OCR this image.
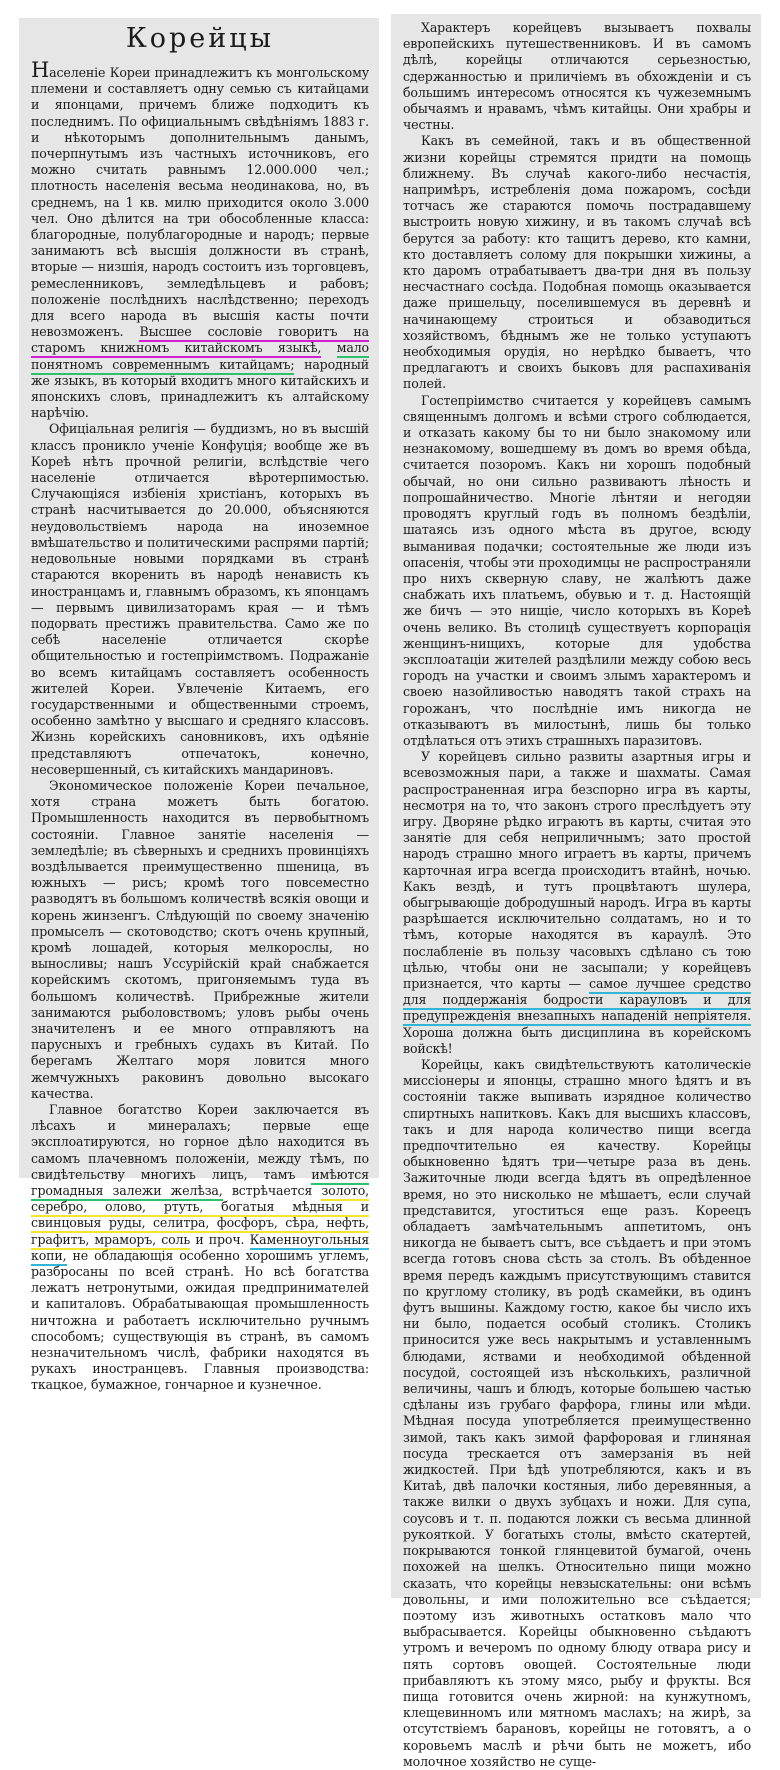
Корейцы

Населеніе Кореи принадлежитъ къ монгольскому племени и составляетъ одну семью съ китайцами и японцами, причемъ ближе подходитъ къ последнимъ. По официальнымъ свѣдѣніямъ 1883 г. и нѣкоторымъ дополнительнымъ данымъ, почерпнутымъ изъ частныхъ источниковъ, его можно считать равнымъ 12.000.000 чел.; плотность населенія весьма неодинакова, но, въ среднемъ, на 1 кв. милю приходится около 3.000 чел. Оно дѣлится на три обособленные класса: благородные, полублагородные и народъ; первые занимаютъ всѣ высшія должности въ странѣ, вторые — низшія, народъ состоитъ изъ торговцевъ, ремесленниковъ, земледѣльцевъ и рабовъ; положеніе послѣднихъ наслѣдственно; переходъ для всего народа въ высшія касты почти невозможенъ. Высшее сословіе говоритъ на старомъ книжномъ китайскомъ языкѣ, мало понятномъ современнымъ китайцамъ; народный же языкъ, въ который входитъ много китайскихъ и японскихъ словъ, принадлежитъ къ алтайскому нарѣчію.

Офиціальная религія — буддизмъ, но въ высшій классъ проникло ученіе Конфуція; вообще же въ Кореѣ нѣтъ прочной религіи, вслѣдствіе чего населеніе отличается вѣротерпимостью. Случающіяся избіенія христіанъ, которыхъ въ странѣ насчитывается до 20.000, объясняются неудовольствіемъ народа на иноземное вмѣшательство и политическими распрями партій; недовольные новыми порядками въ странѣ стараются вкоренить въ народѣ ненависть къ иностранцамъ и, главнымъ образомъ, къ японцамъ — первымъ цивилизаторамъ края — и тѣмъ подорвать престижъ правительства. Само же по себѣ населеніе отличается скорѣе общительностью и гостепріимствомъ. Подражаніе во всемъ китайцамъ составляетъ особенность жителей Кореи. Увлеченіе Китаемъ, его государственными и общественными строемъ, особенно замѣтно у высшаго и средняго классовъ. Жизнь корейскихъ сановниковъ, ихъ одѣяніе представляютъ отпечатокъ, конечно, несовершенный, съ китайскихъ мандариновъ.

Экономическое положеніе Кореи печальное, хотя страна можетъ быть богатою. Промышленность находится въ первобытномъ состояніи. Главное занятіе населенія — земледѣліе; въ сѣверныхъ и среднихъ провинціяхъ воздѣлывается преимущественно пшеница, въ южныхъ — рисъ; кромѣ того повсеместно разводятъ въ большомъ количествѣ всякія овощи и корень жинзенгъ. Слѣдующій по своему значенію промыселъ — скотоводство; скотъ очень крупный, кромѣ лошадей, которыя мелкорослы, но выносливы; нашъ Уссурійскій край снабжается корейскимъ скотомъ, пригоняемымъ туда въ большомъ количествѣ. Прибрежные жители занимаются рыболовствомъ; уловъ рыбы очень значителенъ и ее много отправляютъ на парусныхъ и гребныхъ судахъ въ Китай. По берегамъ Желтаго моря ловится много жемчужныхъ раковинъ довольно высокаго качества.

Главное богатство Кореи заключается въ лѣсахъ и минералахъ; первые еще эксплоатируются, но горное дѣло находится въ самомъ плачевномъ положеніи, между тѣмъ, по свидѣтельству многихъ лицъ, тамъ имѣются громадныя залежи желѣза, встрѣчается золото, серебро, олово, ртуть, богатыя мѣдныя и свинцовыя руды, селитра, фосфоръ, сѣра, нефть, графитъ, мраморъ, соль и проч. Каменноугольныя копи, не обладающія особенно хорошимъ углемъ, разбросаны по всей странѣ. Но всѣ богатства лежатъ нетронутыми, ожидая предпринимателей и капиталовъ. Обрабатывающая промышленность ничтожна и работаетъ исключительно ручнымъ способомъ; существующія въ странѣ, въ самомъ незначительномъ числѣ, фабрики находятся въ рукахъ иностранцевъ. Главныя производства: ткацкое, бумажное, гончарное и кузнечное.

Характеръ корейцевъ вызываетъ похвалы европейскихъ путешественниковъ. И въ самомъ дѣлѣ, корейцы отличаются серьезностью, сдержанностью и приличіемъ въ обхожденіи и съ большимъ интересомъ относятся къ чужеземнымъ обычаямъ и нравамъ, чѣмъ китайцы. Они храбры и честны.

Какъ въ семейной, такъ и въ общественной жизни корейцы стремятся придти на помощь ближнему. Въ случаѣ какого-либо несчастія, напримѣръ, истребленія дома пожаромъ, сосѣди тотчасъ же стараются помочь пострадавшему выстроить новую хижину, и въ такомъ случаѣ всѣ берутся за работу: кто тащитъ дерево, кто камни, кто доставляетъ солому для покрышки хижины, а кто даромъ отрабатываетъ два-три дня въ пользу несчастнаго сосѣда. Подобная помощь оказывается даже пришельцу, поселившемуся въ деревнѣ и начинающему строиться и обзаводиться хозяйствомъ, бѣднымъ же не только уступаютъ необходимыя орудія, но нерѣдко бываетъ, что предлагаютъ и своихъ быковъ для распахиванія полей.

Гостепріимство считается у корейцевъ самымъ священнымъ долгомъ и всѣми строго соблюдается, и отказать какому бы то ни было знакомому или незнакомому, вошедшему въ домъ во время обѣда, считается позоромъ. Какъ ни хорошъ подобный обычай, но они сильно развиваютъ лѣность и попрошайничество. Многіе лѣнтяи и негодяи проводятъ круглый годъ въ полномъ бездѣліи, шатаясь изъ одного мѣста въ другое, всюду выманивая подачки; состоятельные же люди изъ опасенія, чтобы эти проходимцы не распространяли про нихъ скверную славу, не жалѣютъ даже снабжать ихъ платьемъ, обувью и т. д. Настоящій же бичъ — это нищіе, число которыхъ въ Кореѣ очень велико. Въ столицѣ существуетъ корпорація женщинъ-нищихъ, которые для удобства эксплоатаціи жителей раздѣлили между собою весь городъ на участки и своимъ злымъ характеромъ и своею назойливостью наводятъ такой страхъ на горожанъ, что послѣдніе имъ никогда не отказываютъ въ милостынѣ, лишь бы только отдѣлаться отъ этихъ страшныхъ паразитовъ.

У корейцевъ сильно развиты азартныя игры и всевозможныя пари, а также и шахматы. Самая распространенная игра безспорно игра въ карты, несмотря на то, что законъ строго преслѣдуетъ эту игру. Дворяне рѣдко играютъ въ карты, считая это занятіе для себя неприличнымъ; зато простой народъ страшно много играетъ въ карты, причемъ карточная игра всегда происходитъ втайнѣ, ночью. Какъ вездѣ, и тутъ процвѣтаютъ шулера, обыгрывающіе добродушный народъ. Игра въ карты разрѣшается исключительно солдатамъ, но и то тѣмъ, которые находятся въ караулѣ. Это послабленіе въ пользу часовыхъ сдѣлано съ тою цѣлью, чтобы они не засыпали; у корейцевъ признается, что карты — самое лучшее средство для поддержанія бодрости карауловъ и для предупрежденія внезапныхъ нападеній непріятеля. Хороша должна быть дисциплина въ корейскомъ войскѣ!

Корейцы, какъ свидѣтельствуютъ католическіе миссіонеры и японцы, страшно много ѣдятъ и въ состояніи также выпивать изрядное количество спиртныхъ напитковъ. Какъ для высшихъ классовъ, такъ и для народа количество пищи всегда предпочтительно ея качеству. Корейцы обыкновенно ѣдятъ три—четыре раза въ день. Зажиточные люди всегда ѣдятъ въ опредѣленное время, но это нисколько не мѣшаетъ, если случай представится, угоститься еще разъ. Кореецъ обладаетъ замѣчательнымъ аппетитомъ, онъ никогда не бываетъ сытъ, все съѣдаетъ и при этомъ всегда готовъ снова сѣсть за столъ. Въ обѣденное время передъ каждымъ присутствующимъ ставится по круглому столику, въ родѣ скамейки, въ одинъ футъ вышины. Каждому гостю, какое бы число ихъ ни было, подается особый столикъ. Столикъ приносится уже весь накрытымъ и уставленнымъ блюдами, яствами и необходимой обѣденной посудой, состоящей изъ нѣсколькихъ, различной величины, чашъ и блюдъ, которые большею частью сдѣланы изъ грубаго фарфора, глины или мѣди. Мѣдная посуда употребляется преимущественно зимой, такъ какъ зимой фарфоровая и глиняная посуда трескается отъ замерзанія въ ней жидкостей. При ѣдѣ употребляются, какъ и въ Китаѣ, двѣ палочки костяныя, либо деревянныя, а также вилки о двухъ зубцахъ и ножи. Для супа, соусовъ и т. п. подаются ложки съ весьма длинной рукояткой. У богатыхъ столы, вмѣсто скатертей, покрываются тонкой глянцевитой бумагой, очень похожей на шелкъ. Относительно пищи можно сказать, что корейцы невзыскательны: они всѣмъ довольны, и ими положительно все съѣдается; поэтому изъ животныхъ остатковъ мало что выбрасывается. Корейцы обыкновенно съѣдаютъ утромъ и вечеромъ по одному блюду отвара рису и пять сортовъ овощей. Состоятельные люди прибавляютъ къ этому мясо, рыбу и фрукты. Вся пища готовится очень жирной: на кунжутномъ, клещевинномъ или мятномъ маслахъ; на жирѣ, за отсутствіемъ барановъ, корейцы не готовятъ, а о коровьемъ маслѣ и рѣчи быть не можетъ, ибо молочное хозяйство не суще-
